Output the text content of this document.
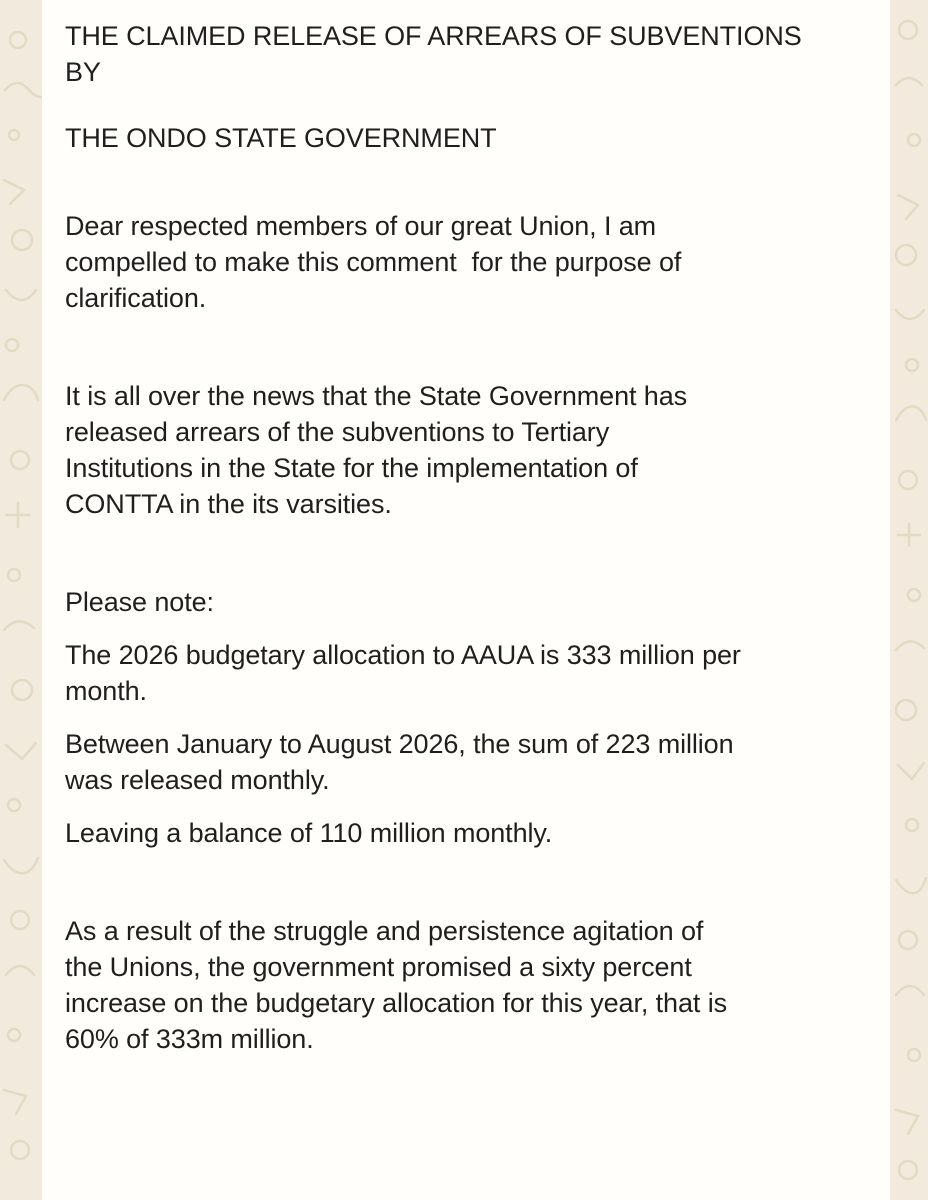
THE CLAIMED RELEASE OF ARREARS OF SUBVENTIONS
BY

THE ONDO STATE GOVERNMENT

Dear respected members of our great Union, I am
compelled to make this comment  for the purpose of
clarification.

It is all over the news that the State Government has
released arrears of the subventions to Tertiary
Institutions in the State for the implementation of
CONTTA in the its varsities.

Please note:

The 2026 budgetary allocation to AAUA is 333 million per
month.

Between January to August 2026, the sum of 223 million
was released monthly.

Leaving a balance of 110 million monthly.

As a result of the struggle and persistence agitation of
the Unions, the government promised a sixty percent
increase on the budgetary allocation for this year, that is
60% of 333m million.
